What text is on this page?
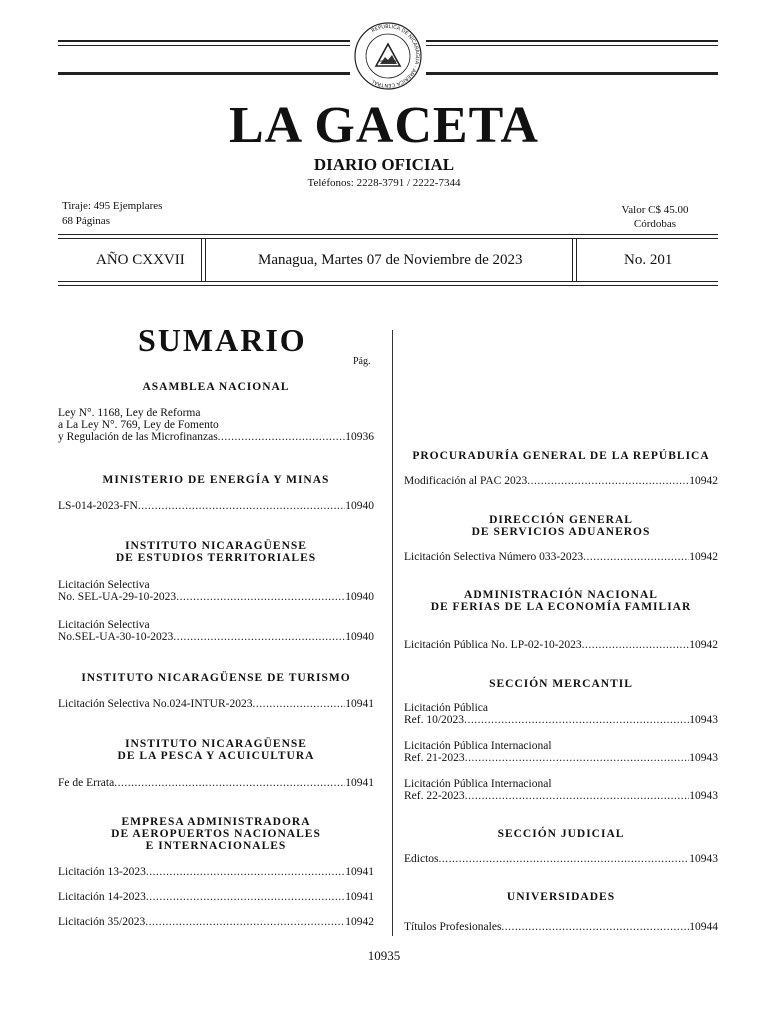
REPUBLICA DE NICARAGUA · AMERICA CENTRAL
LA GACETA
DIARIO OFICIAL
Teléfonos: 2228-3791 / 2222-7344
Tiraje: 495 Ejemplares
68 Páginas
Valor C$ 45.00
Córdobas
AÑO CXXVII	Managua, Martes 07 de Noviembre de 2023	No. 201
SUMARIO
Pág.
ASAMBLEA NACIONAL
Ley N°. 1168, Ley de Reforma
a La Ley N°. 769, Ley de Fomento
y Regulación de las Microfinanzas .....	10936
MINISTERIO DE ENERGÍA Y MINAS
LS-014-2023-FN .....	10940
INSTITUTO NICARAGÜENSE
DE ESTUDIOS TERRITORIALES
Licitación Selectiva
No. SEL-UA-29-10-2023 .....	10940
Licitación Selectiva
No.SEL-UA-30-10-2023 .....	10940
INSTITUTO NICARAGÜENSE DE TURISMO
Licitación Selectiva No.024-INTUR-2023 .....	10941
INSTITUTO NICARAGÜENSE
DE LA PESCA Y ACUICULTURA
Fe de Errata .....	10941
EMPRESA ADMINISTRADORA
DE AEROPUERTOS NACIONALES
E INTERNACIONALES
Licitación 13-2023 .....	10941
Licitación 14-2023 .....	10941
Licitación 35/2023 .....	10942
PROCURADURÍA GENERAL DE LA REPÚBLICA
Modificación al PAC 2023 .....	10942
DIRECCIÓN GENERAL
DE SERVICIOS ADUANEROS
Licitación Selectiva Número 033-2023 .....	10942
ADMINISTRACIÓN NACIONAL
DE FERIAS DE LA ECONOMÍA FAMILIAR
Licitación Pública No. LP-02-10-2023 .....	10942
SECCIÓN MERCANTIL
Licitación Pública
Ref. 10/2023 .....	10943
Licitación Pública Internacional
Ref. 21-2023 .....	10943
Licitación Pública Internacional
Ref. 22-2023 .....	10943
SECCIÓN JUDICIAL
Edictos .....	10943
UNIVERSIDADES
Títulos Profesionales .....	10944
10935
